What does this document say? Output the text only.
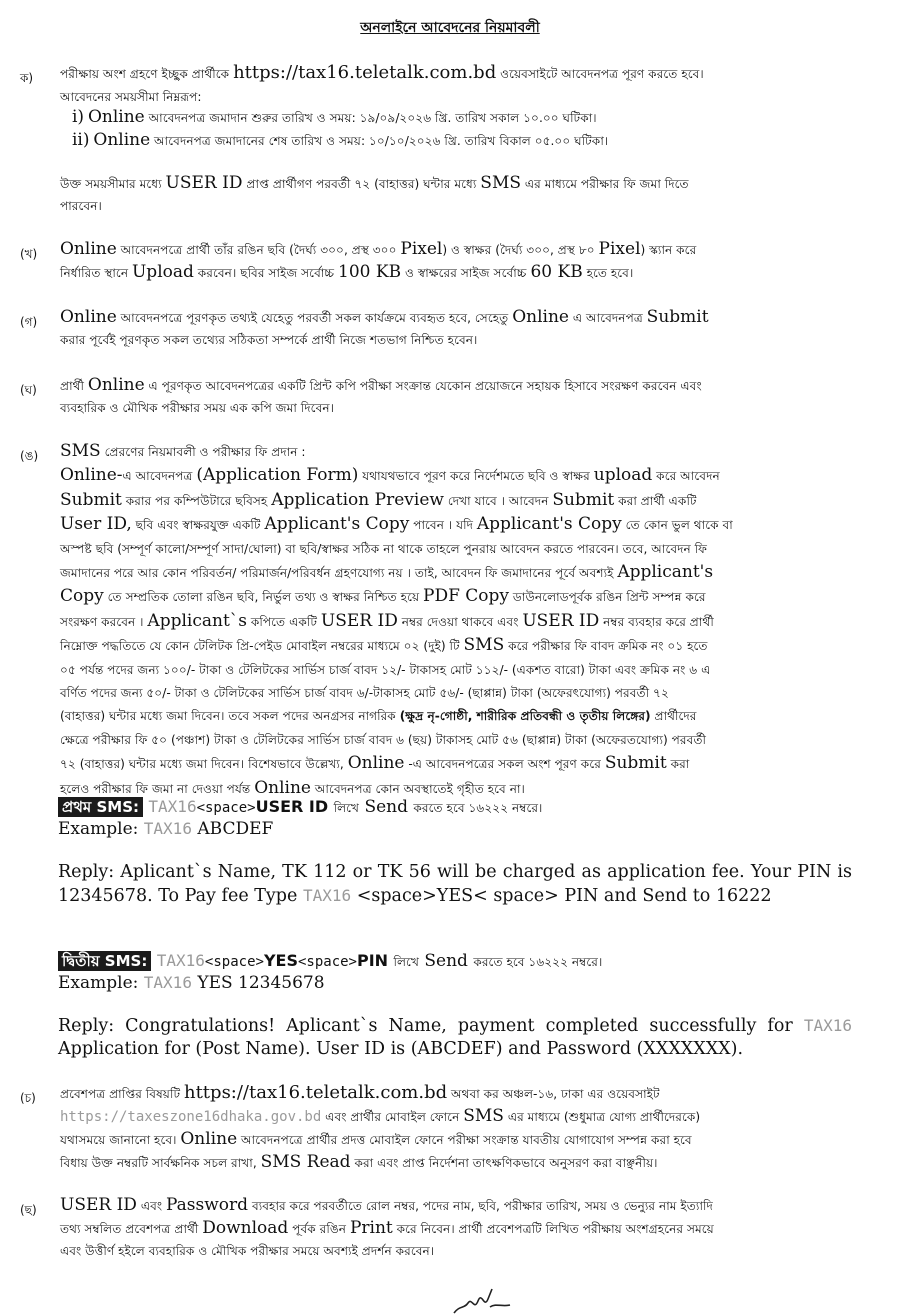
অনলাইনে আবেদনের নিয়মাবলী
ক)	পরীক্ষায় অংশ গ্রহণে ইচ্ছুক প্রার্থীকে https://tax16.teletalk.com.bd ওয়েবসাইটে আবেদনপত্র পূরণ করতে হবে।
আবেদনের সময়সীমা নিম্নরূপ:
i) Online আবেদনপত্র জমাদান শুরুর তারিখ ও সময়: ১৯/০৯/২০২৬ খ্রি. তারিখ সকাল ১০.০০ ঘটিকা।
ii) Online আবেদনপত্র জমাদানের শেষ তারিখ ও সময়: ১০/১০/২০২৬ খ্রি. তারিখ বিকাল ০৫.০০ ঘটিকা।
উক্ত সময়সীমার মধ্যে USER ID প্রাপ্ত প্রার্থীগণ পরবর্তী ৭২ (বাহাত্তর) ঘন্টার মধ্যে SMS এর মাধ্যমে পরীক্ষার ফি জমা দিতে
পারবেন।
(খ)	Online আবেদনপত্রে প্রার্থী তাঁর রঙিন ছবি (দৈর্ঘ্য ৩০০, প্রস্থ ৩০০ Pixel) ও স্বাক্ষর (দৈর্ঘ্য ৩০০, প্রস্থ ৮০ Pixel) স্ক্যান করে
নির্ধারিত স্থানে Upload করবেন। ছবির সাইজ সর্বোচ্চ 100 KB ও স্বাক্ষরের সাইজ সর্বোচ্চ 60 KB হতে হবে।
(গ)	Online আবেদনপত্রে পূরণকৃত তথ্যই যেহেতু পরবর্তী সকল কার্যক্রমে ব্যবহৃত হবে, সেহেতু Online এ আবেদনপত্র Submit
করার পূর্বেই পূরণকৃত সকল তথ্যের সঠিকতা সম্পর্কে প্রার্থী নিজে শতভাগ নিশ্চিত হবেন।
(ঘ)	প্রার্থী Online এ পূরণকৃত আবেদনপত্রের একটি প্রিন্ট কপি পরীক্ষা সংক্রান্ত যেকোন প্রয়োজনে সহায়ক হিসাবে সংরক্ষণ করবেন এবং
ব্যবহারিক ও মৌখিক পরীক্ষার সময় এক কপি জমা দিবেন।
(ঙ)	SMS প্রেরণের নিয়মাবলী ও পরীক্ষার ফি প্রদান :
Online-এ আবেদনপত্র (Application Form) যথাযথভাবে পূরণ করে নির্দেশমতে ছবি ও স্বাক্ষর upload করে আবেদন
Submit করার পর কম্পিউটারে ছবিসহ Application Preview দেখা যাবে । আবেদন Submit করা প্রার্থী একটি
User ID, ছবি এবং স্বাক্ষরযুক্ত একটি Applicant's Copy পাবেন । যদি Applicant's Copy তে কোন ভুল থাকে বা
অস্পষ্ট ছবি (সম্পূর্ণ কালো/সম্পূর্ণ সাদা/ঘোলা) বা ছবি/স্বাক্ষর সঠিক না থাকে তাহলে পুনরায় আবেদন করতে পারবেন। তবে, আবেদন ফি
জমাদানের পরে আর কোন পরিবর্তন/ পরিমার্জন/পরিবর্ধন গ্রহণযোগ্য নয় । তাই, আবেদন ফি জমাদানের পূর্বে অবশ্যই Applicant's
Copy তে সম্প্রতিক তোলা রঙিন ছবি, নির্ভুল তথ্য ও স্বাক্ষর নিশ্চিত হয়ে PDF Copy ডাউনলোডপূর্বক রঙিন প্রিন্ট সম্পন্ন করে
সংরক্ষণ করবেন । Applicant`s কপিতে একটি USER ID নম্বর দেওয়া থাকবে এবং USER ID নম্বর ব্যবহার করে প্রার্থী
নিম্নোক্ত পদ্ধতিতে যে কোন টেলিটক প্রি-পেইড মোবাইল নম্বরের মাধ্যমে ০২ (দুই) টি SMS করে পরীক্ষার ফি বাবদ ক্রমিক নং ০১ হতে
০৫ পর্যন্ত পদের জন্য ১০০/- টাকা ও টেলিটকের সার্ভিস চার্জ বাবদ ১২/- টাকাসহ মোট ১১২/- (একশত বারো) টাকা এবং ক্রমিক নং ৬ এ
বর্ণিত পদের জন্য ৫০/- টাকা ও টেলিটকের সার্ভিস চার্জ বাবদ ৬/-টাকাসহ মোট ৫৬/- (ছাপ্পান্ন) টাকা (অফেরৎযোগ্য) পরবর্তী ৭২
(বাহাত্তর) ঘন্টার মধ্যে জমা দিবেন। তবে সকল পদের অনগ্রসর নাগরিক (ক্ষুদ্র নৃ-গোষ্ঠী, শারীরিক প্রতিবন্ধী ও তৃতীয় লিঙ্গের) প্রার্থীদের
ক্ষেত্রে পরীক্ষার ফি ৫০ (পঞ্চাশ) টাকা ও টেলিটকের সার্ভিস চার্জ বাবদ ৬ (ছয়) টাকাসহ মোট ৫৬ (ছাপ্পান্ন) টাকা (অফেরতযোগ্য) পরবর্তী
৭২ (বাহাত্তর) ঘন্টার মধ্যে জমা দিবেন। বিশেষভাবে উল্লেখ্য, Online -এ আবেদনপত্রের সকল অংশ পূরণ করে Submit করা
হলেও পরীক্ষার ফি জমা না দেওয়া পর্যন্ত Online আবেদনপত্র কোন অবস্থাতেই গৃহীত হবে না।
প্রথম SMS: TAX16<space>USER ID লিখে Send করতে হবে ১৬২২২ নম্বরে।
Example: TAX16 ABCDEF
Reply: Aplicant`s Name, TK 112 or TK 56 will be charged as application fee. Your PIN is 12345678. To Pay fee Type TAX16 <space>YES< space> PIN and Send to 16222
দ্বিতীয় SMS: TAX16<space>YES<space>PIN লিখে Send করতে হবে ১৬২২২ নম্বরে।
Example: TAX16 YES 12345678
Reply: Congratulations! Aplicant`s Name, payment completed successfully for TAX16 Application for (Post Name). User ID is (ABCDEF) and Password (XXXXXXX).
(চ)	প্রবেশপত্র প্রাপ্তির বিষয়টি https://tax16.teletalk.com.bd অথবা কর অঞ্চল-১৬, ঢাকা এর ওয়েবসাইট
https://taxeszone16dhaka.gov.bd এবং প্রার্থীর মোবাইল ফোনে SMS এর মাধ্যমে (শুধুমাত্র যোগ্য প্রার্থীদেরকে)
যথাসময়ে জানানো হবে। Online আবেদনপত্রে প্রার্থীর প্রদত্ত মোবাইল ফোনে পরীক্ষা সংক্রান্ত যাবতীয় যোগাযোগ সম্পন্ন করা হবে
বিধায় উক্ত নম্বরটি সার্বক্ষনিক সচল রাখা, SMS Read করা এবং প্রাপ্ত নির্দেশনা তাৎক্ষণিকভাবে অনুসরণ করা বাঞ্ছনীয়।
(ছ)	USER ID এবং Password ব্যবহার করে পরবর্তীতে রোল নম্বর, পদের নাম, ছবি, পরীক্ষার তারিখ, সময় ও ভেন্যুর নাম ইত্যাদি
তথ্য সম্বলিত প্রবেশপত্র প্রার্থী Download পূর্বক রঙিন Print করে নিবেন। প্রার্থী প্রবেশপত্রটি লিখিত পরীক্ষায় অংশগ্রহনের সময়ে
এবং উত্তীর্ণ হইলে ব্যবহারিক ও মৌখিক পরীক্ষার সময়ে অবশ্যই প্রদর্শন করবেন।
